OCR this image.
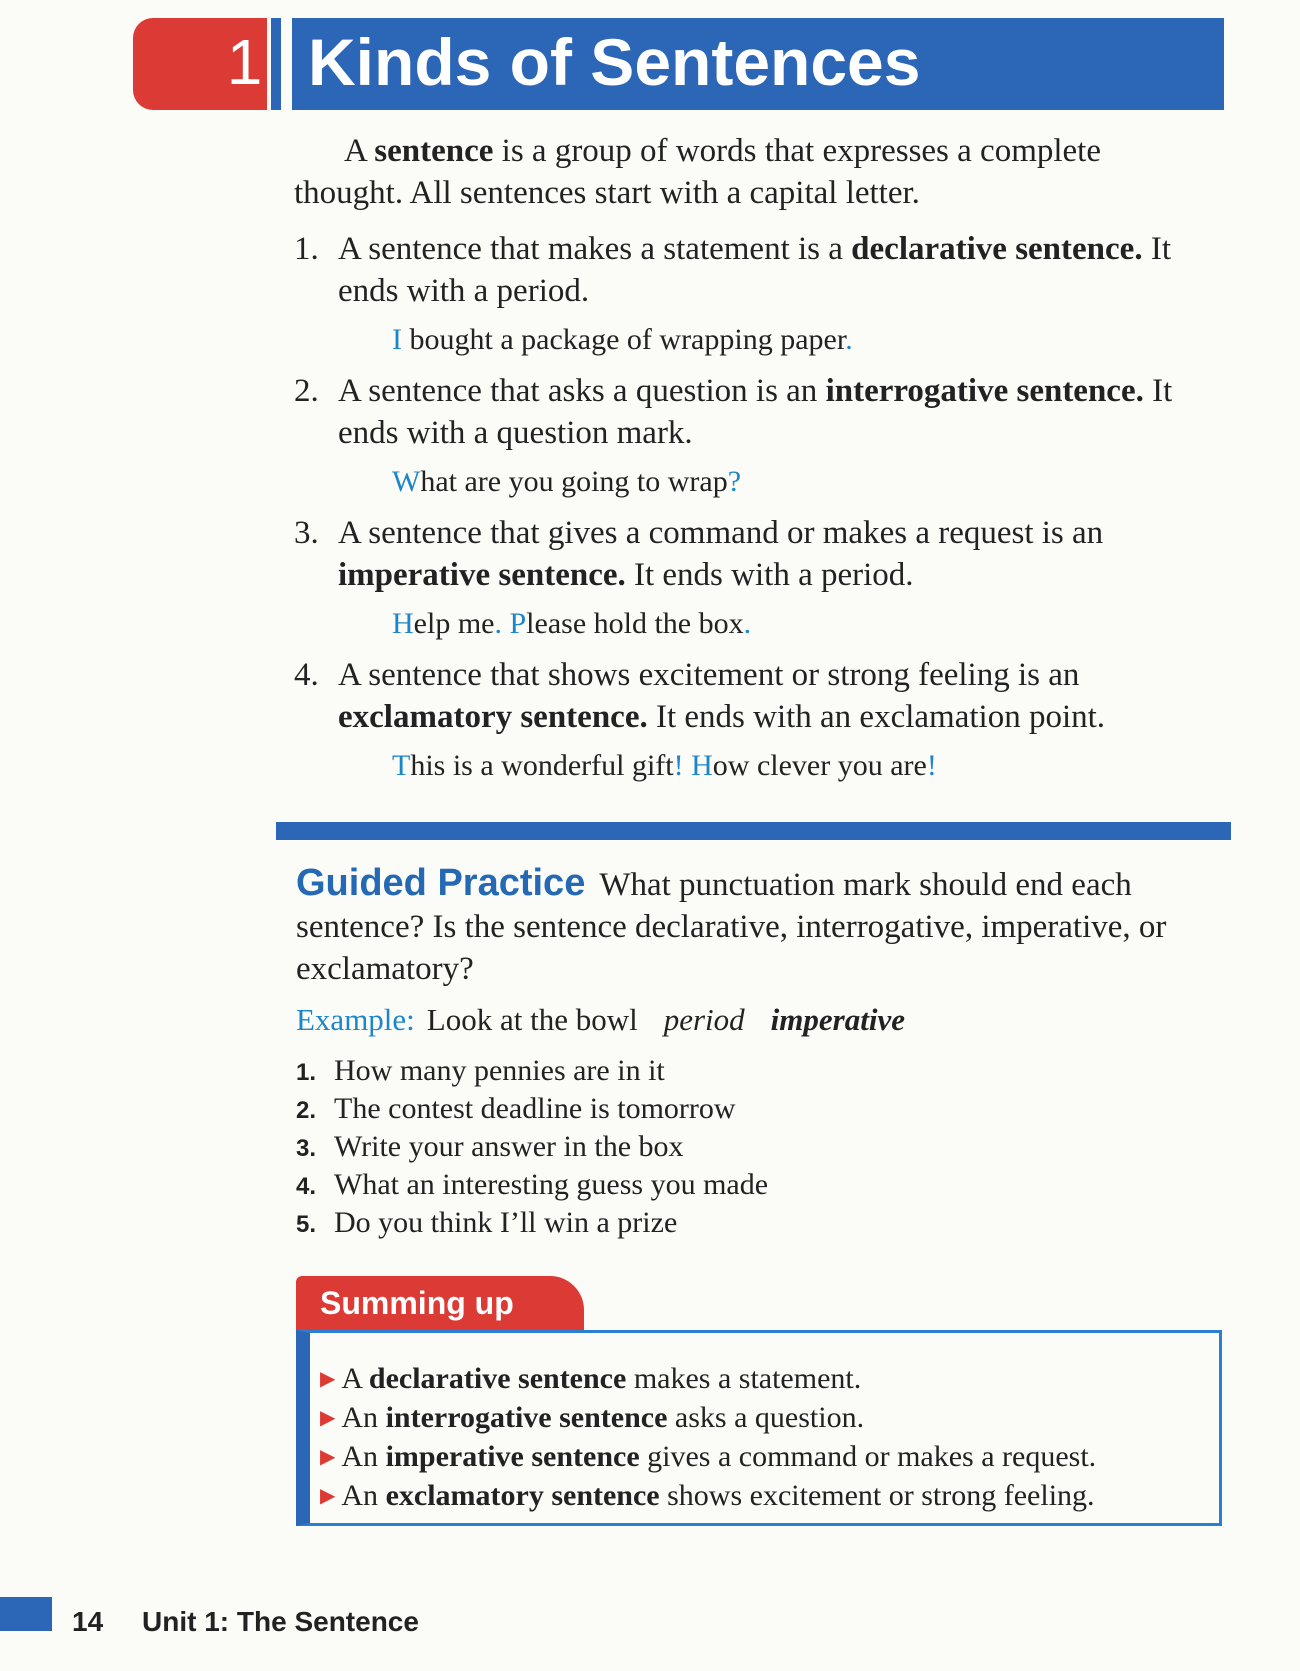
1 Kinds of Sentences
A sentence is a group of words that expresses a complete thought. All sentences start with a capital letter.
1. A sentence that makes a statement is a declarative sentence. It ends with a period.
I bought a package of wrapping paper.
2. A sentence that asks a question is an interrogative sentence. It ends with a question mark.
What are you going to wrap?
3. A sentence that gives a command or makes a request is an imperative sentence. It ends with a period.
Help me. Please hold the box.
4. A sentence that shows excitement or strong feeling is an exclamatory sentence. It ends with an exclamation point.
This is a wonderful gift! How clever you are!
Guided Practice What punctuation mark should end each sentence? Is the sentence declarative, interrogative, imperative, or exclamatory?
Example: Look at the bowl period imperative
1. How many pennies are in it
2. The contest deadline is tomorrow
3. Write your answer in the box
4. What an interesting guess you made
5. Do you think I’ll win a prize
Summing up
▶ A declarative sentence makes a statement.
▶ An interrogative sentence asks a question.
▶ An imperative sentence gives a command or makes a request.
▶ An exclamatory sentence shows excitement or strong feeling.
14 Unit 1: The Sentence
